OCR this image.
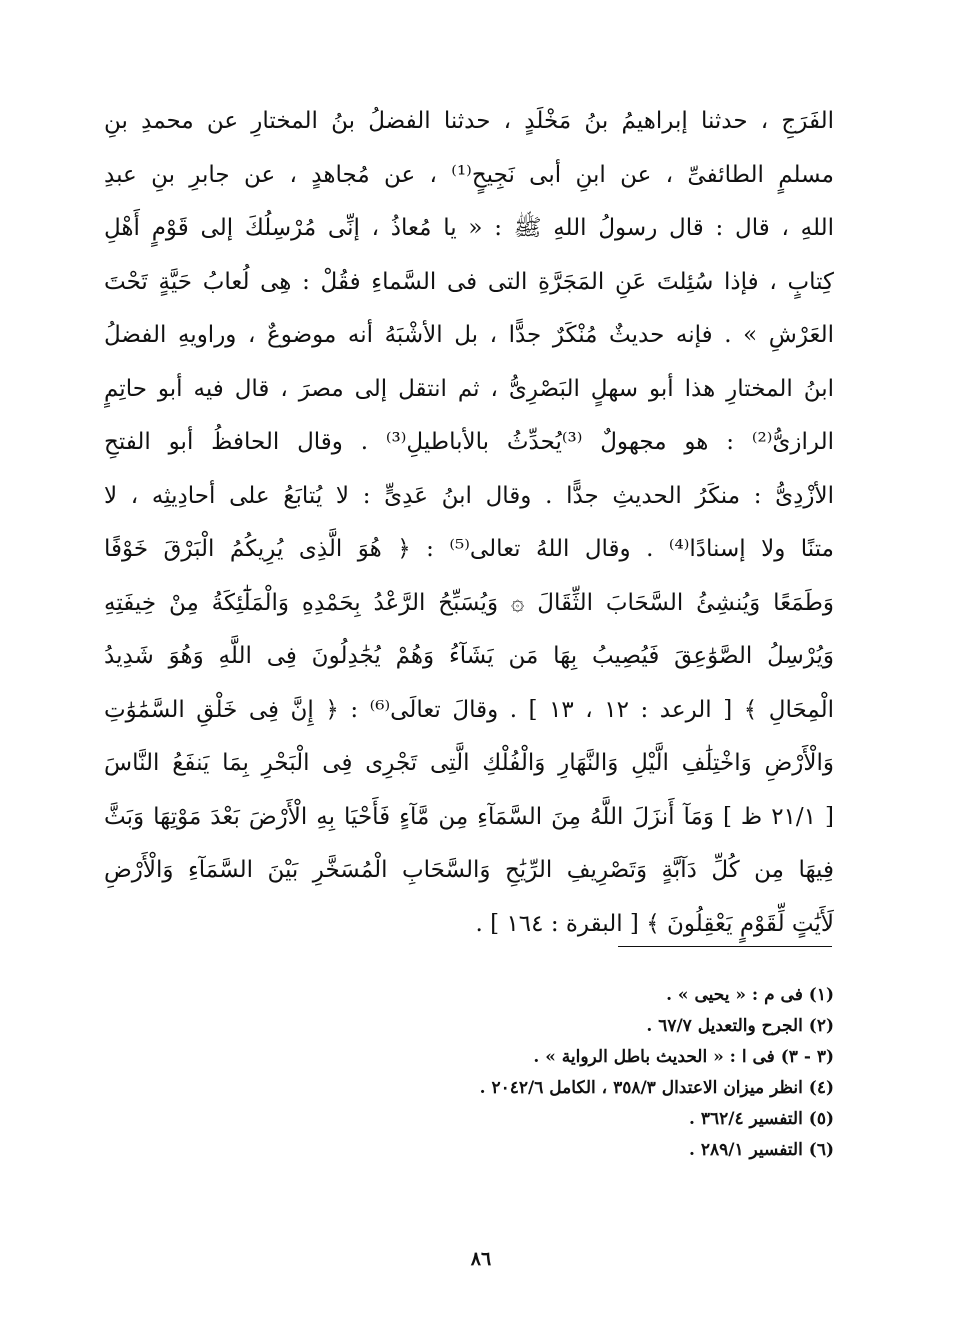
الفَرَجِ ، حدثنا إبراهيمُ بنُ مَخْلَدٍ ، حدثنا الفضلُ بنُ المختارِ عن محمدِ بنِ
مسلمٍ الطائفىِّ ، عن ابنِ أبى نَجِيحٍ⁽¹⁾ ، عن مُجاهدٍ ، عن جابرِ بنِ عبدِ
اللهِ ، قال : قال رسولُ اللهِ ﷺ : « يا مُعاذُ ، إنِّى مُرْسِلُكَ إلى قَوْمٍ أَهْلِ
كِتابٍ ، فإذا سُئِلتَ عَنِ المَجَرَّةِ التى فى السَّماءِ فقُلْ : هِى لُعابُ حَيَّةٍ تَحْتَ
العَرْشِ » . فإنه حديثٌ مُنْكَرٌ جدًّا ، بل الأشْبَهُ أنه موضوعٌ ، وراويهِ الفضلُ
ابنُ المختارِ هذا أبو سهلٍ البَصْرِىُّ ، ثم انتقل إلى مصرَ ، قال فيه أبو حاتِمٍ
الرازىُّ⁽²⁾ : هو مجهولٌ ⁽³⁾يُحدِّثُ بالأباطيلِ⁽³⁾ . وقال الحافظُ أبو الفتحِ
الأزْدِىُّ : منكَرُ الحديثِ جدًّا . وقال ابنُ عَدِىٍّ : لا يُتابَعُ على أحادِيثِه ، لا
متنًا ولا إسنادًا⁽⁴⁾ . وقال اللهُ تعالى⁽⁵⁾ : ﴿ هُوَ الَّذِى يُرِيكُمُ الْبَرْقَ خَوْفًا
وَطَمَعًا وَيُنشِئُ السَّحَابَ الثِّقَالَ ۞ وَيُسَبِّحُ الرَّعْدُ بِحَمْدِهِ وَالْمَلَٰٓئِكَةُ مِنْ خِيفَتِهِ
وَيُرْسِلُ الصَّوَٰعِقَ فَيُصِيبُ بِهَا مَن يَشَآءُ وَهُمْ يُجَٰدِلُونَ فِى اللَّهِ وَهُوَ شَدِيدُ
الْمِحَالِ ﴾ [ الرعد : ١٢ ، ١٣ ] . وقالَ تعالَى⁽⁶⁾ : ﴿ إِنَّ فِى خَلْقِ السَّمَٰوَٰتِ
وَالْأَرْضِ وَاخْتِلَٰفِ الَّيْلِ وَالنَّهَارِ وَالْفُلْكِ الَّتِى تَجْرِى فِى الْبَحْرِ بِمَا يَنفَعُ النَّاسَ
[ ٢١/١ ظ ] وَمَآ أَنزَلَ اللَّهُ مِنَ السَّمَآءِ مِن مَّآءٍ فَأَحْيَا بِهِ الْأَرْضَ بَعْدَ مَوْتِهَا وَبَثَّ
فِيهَا مِن كُلِّ دَآبَّةٍ وَتَصْرِيفِ الرِّيَٰحِ وَالسَّحَابِ الْمُسَخَّرِ بَيْنَ السَّمَآءِ وَالْأَرْضِ
لَأَيَٰتٍ لِّقَوْمٍ يَعْقِلُونَ ﴾ [ البقرة : ١٦٤ ] .
(١) فى م : « يحيى » .
(٢) الجرح والتعديل ٦٧/٧ .
(٣ - ٣) فى ا : « الحديث باطل الرواية » .
(٤) انظر ميزان الاعتدال ٣٥٨/٣ ، الكامل ٢٠٤٢/٦ .
(٥) التفسير ٣٦٢/٤ .
(٦) التفسير ٢٨٩/١ .
٨٦
